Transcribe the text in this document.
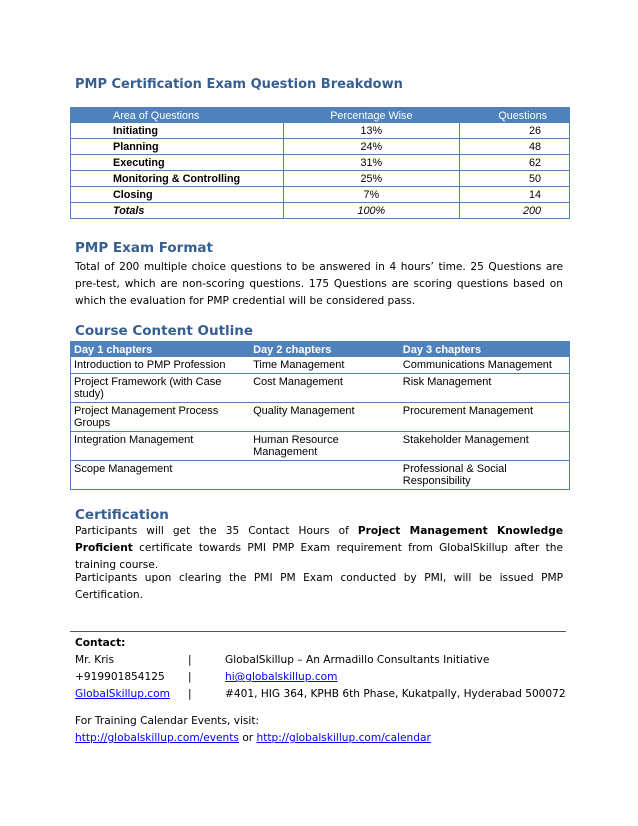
PMP Certification Exam Question Breakdown
Area of Questions	Percentage Wise	Questions
Initiating	13%	26
Planning	24%	48
Executing	31%	62
Monitoring & Controlling	25%	50
Closing	7%	14
Totals	100%	200
PMP Exam Format
Total of 200 multiple choice questions to be answered in 4 hours’ time. 25 Questions are pre-test, which are non-scoring questions. 175 Questions are scoring questions based on which the evaluation for PMP credential will be considered pass.
Course Content Outline
Day 1 chapters	Day 2 chapters	Day 3 chapters
Introduction to PMP Profession	Time Management	Communications Management
Project Framework (with Case study)	Cost Management	Risk Management
Project Management Process Groups	Quality Management	Procurement Management
Integration Management	Human Resource Management	Stakeholder Management
Scope Management		Professional & Social Responsibility
Certification
Participants will get the 35 Contact Hours of Project Management Knowledge Proficient certificate towards PMI PMP Exam requirement from GlobalSkillup after the training course.
Participants upon clearing the PMI PM Exam conducted by PMI, will be issued PMP Certification.
Contact:
Mr. Kris	|	GlobalSkillup – An Armadillo Consultants Initiative
+919901854125 |	hi@globalskillup.com
GlobalSkillup.com |	#401, HIG 364, KPHB 6th Phase, Kukatpally, Hyderabad 500072
For Training Calendar Events, visit:
http://globalskillup.com/events or http://globalskillup.com/calendar
